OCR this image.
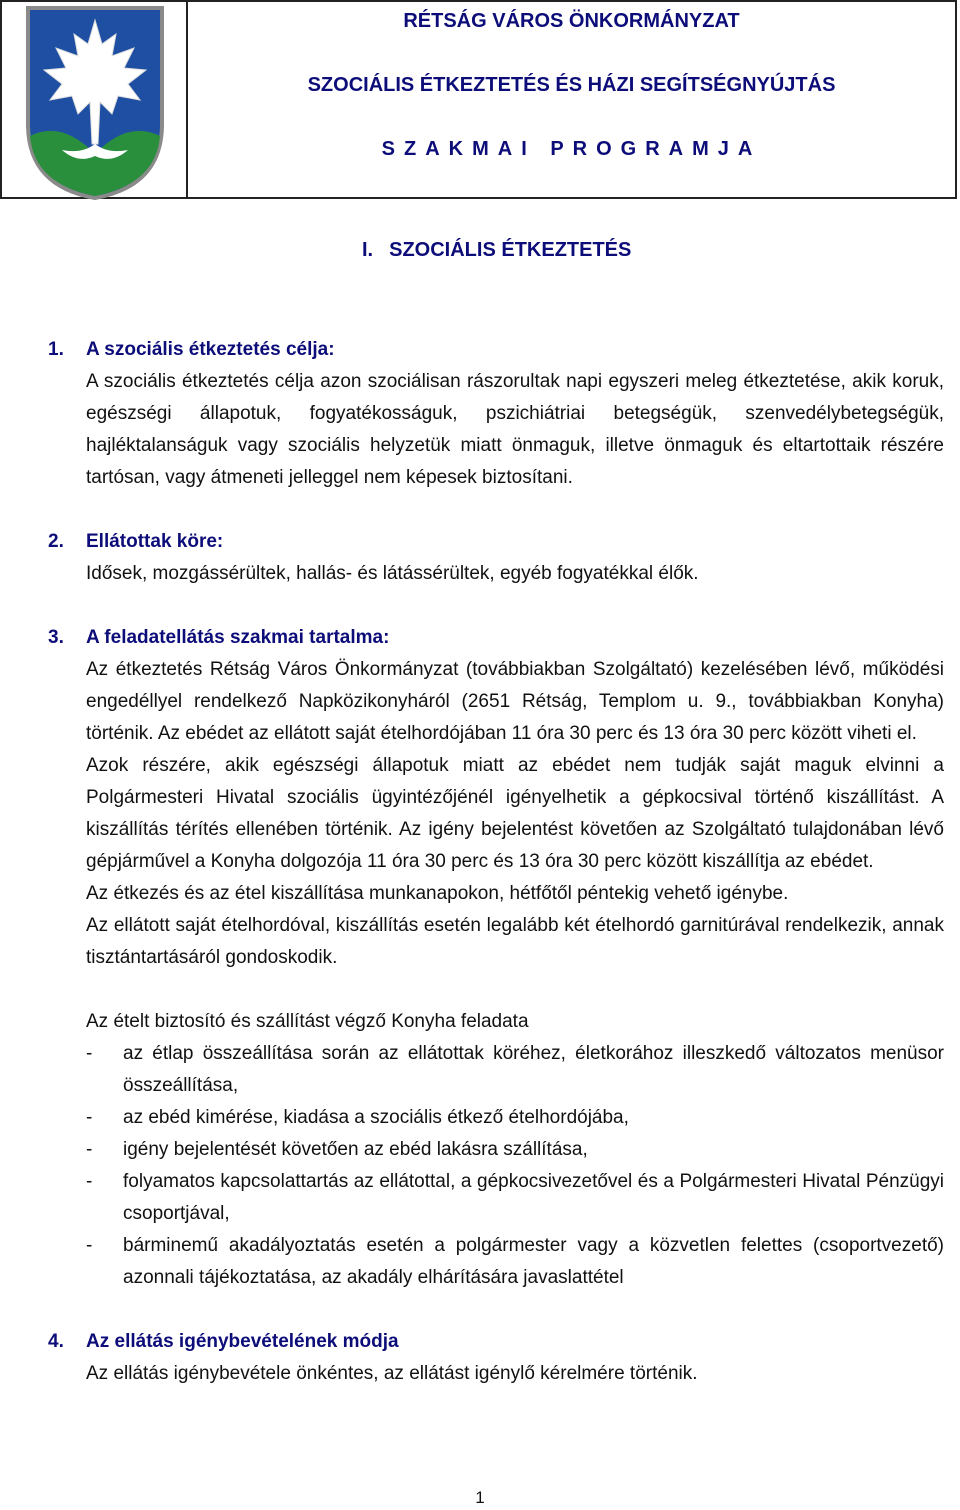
RÉTSÁG VÁROS ÖNKORMÁNYZAT
SZOCIÁLIS ÉTKEZTETÉS ÉS HÁZI SEGÍTSÉGNYÚJTÁS
SZAKMAI PROGRAMJA
I. SZOCIÁLIS ÉTKEZTETÉS
1.	A szociális étkeztetés célja:
A szociális étkeztetés célja azon szociálisan rászorultak napi egyszeri meleg étkeztetése, akik koruk, egészségi állapotuk, fogyatékosságuk, pszichiátriai betegségük, szenvedélybetegségük, hajléktalanságuk vagy szociális helyzetük miatt önmaguk, illetve önmaguk és eltartottaik részére tartósan, vagy átmeneti jelleggel nem képesek biztosítani.
2.	Ellátottak köre:
Idősek, mozgássérültek, hallás- és látássérültek, egyéb fogyatékkal élők.
3.	A feladatellátás szakmai tartalma:
Az étkeztetés Rétság Város Önkormányzat (továbbiakban Szolgáltató) kezelésében lévő, működési engedéllyel rendelkező Napközikonyháról (2651 Rétság, Templom u. 9., továbbiakban Konyha) történik. Az ebédet az ellátott saját ételhordójában 11 óra 30 perc és 13 óra 30 perc között viheti el.
Azok részére, akik egészségi állapotuk miatt az ebédet nem tudják saját maguk elvinni a Polgármesteri Hivatal szociális ügyintézőjénél igényelhetik a gépkocsival történő kiszállítást. A kiszállítás térítés ellenében történik. Az igény bejelentést követően az Szolgáltató tulajdonában lévő gépjárművel a Konyha dolgozója 11 óra 30 perc és 13 óra 30 perc között kiszállítja az ebédet.
Az étkezés és az étel kiszállítása munkanapokon, hétfőtől péntekig vehető igénybe.
Az ellátott saját ételhordóval, kiszállítás esetén legalább két ételhordó garnitúrával rendelkezik, annak tisztántartásáról gondoskodik.
Az ételt biztosító és szállítást végző Konyha feladata
-	az étlap összeállítása során az ellátottak köréhez, életkorához illeszkedő változatos menüsor összeállítása,
-	az ebéd kimérése, kiadása a szociális étkező ételhordójába,
-	igény bejelentését követően az ebéd lakásra szállítása,
-	folyamatos kapcsolattartás az ellátottal, a gépkocsivezetővel és a Polgármesteri Hivatal Pénzügyi csoportjával,
-	bárminemű akadályoztatás esetén a polgármester vagy a közvetlen felettes (csoportvezető) azonnali tájékoztatása, az akadály elhárítására javaslattétel
4.	Az ellátás igénybevételének módja
Az ellátás igénybevétele önkéntes, az ellátást igénylő kérelmére történik.
1
